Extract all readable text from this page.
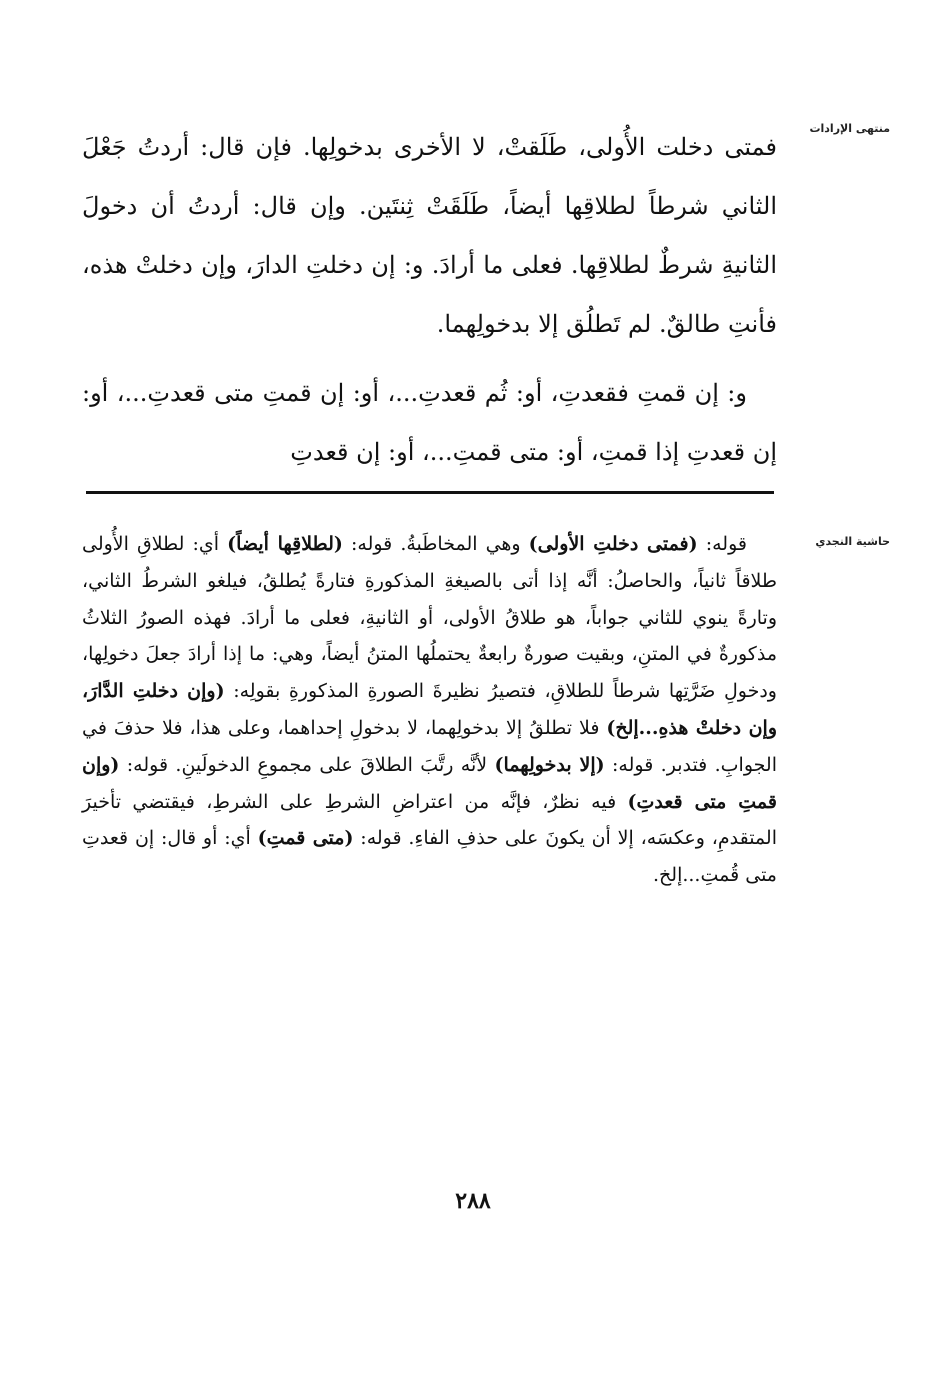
منتهى الإرادات

فمتى دخلت الأُولى، طَلَقتْ، لا الأخرى بدخولِها. فإن قال: أردتُ جَعْلَ الثاني شرطاً لطلاقِها أيضاً، طَلَقَتْ ثِنتَين. وإن قال: أردتُ أن دخولَ الثانيةِ شرطٌ لطلاقِها. فعلى ما أرادَ. و: إن دخلتِ الدارَ، وإن دخلتْ هذه، فأنتِ طالقٌ. لم تَطلُق إلا بدخولِهما.

و: إن قمتِ فقعدتِ، أو: ثُم قعدتِ...، أو: إن قمتِ متى قعدتِ...، أو: إن قعدتِ إذا قمتِ، أو: متى قمتِ...، أو: إن قعدتِ

حاشية النجدي

قوله: (فمتى دخلتِ الأولى) وهي المخاطَبةُ. قوله: (لطلاقِها أيضاً) أي: لطلاقِ الأُولى طلاقاً ثانياً، والحاصلُ: أنَّه إذا أتى بالصيغةِ المذكورةِ فتارةً يُطلقُ، فيلغو الشرطُ الثاني، وتارةً ينوي للثاني جواباً، هو طلاقُ الأولى، أو الثانيةِ، فعلى ما أرادَ. فهذه الصورُ الثلاثُ مذكورةٌ في المتنِ، وبقيت صورةٌ رابعةٌ يحتملُها المتنُ أيضاً، وهي: ما إذا أرادَ جعلَ دخولِها، ودخولِ ضَرَّتِها شرطاً للطلاقِ، فتصيرُ نظيرةَ الصورةِ المذكورةِ بقولِه: (وإن دخلتِ الدَّارَ، وإن دخلتْ هذهِ...إلخ) فلا تطلقُ إلا بدخولِهما، لا بدخولِ إحداهما، وعلى هذا، فلا حذفَ في الجوابِ. فتدبر. قوله: (إلا بدخولِهما) لأنَّه رتَّبَ الطلاقَ على مجموعِ الدخولَينِ. قوله: (وإن قمتِ متى قعدتِ) فيه نظرٌ، فإنَّه من اعتراضِ الشرطِ على الشرطِ، فيقتضي تأخيرَ المتقدمِ، وعكسَه، إلا أن يكونَ على حذفِ الفاءِ. قوله: (متى قمتِ) أي: أو قال: إن قعدتِ متى قُمتِ...إلخ.

٢٨٨
